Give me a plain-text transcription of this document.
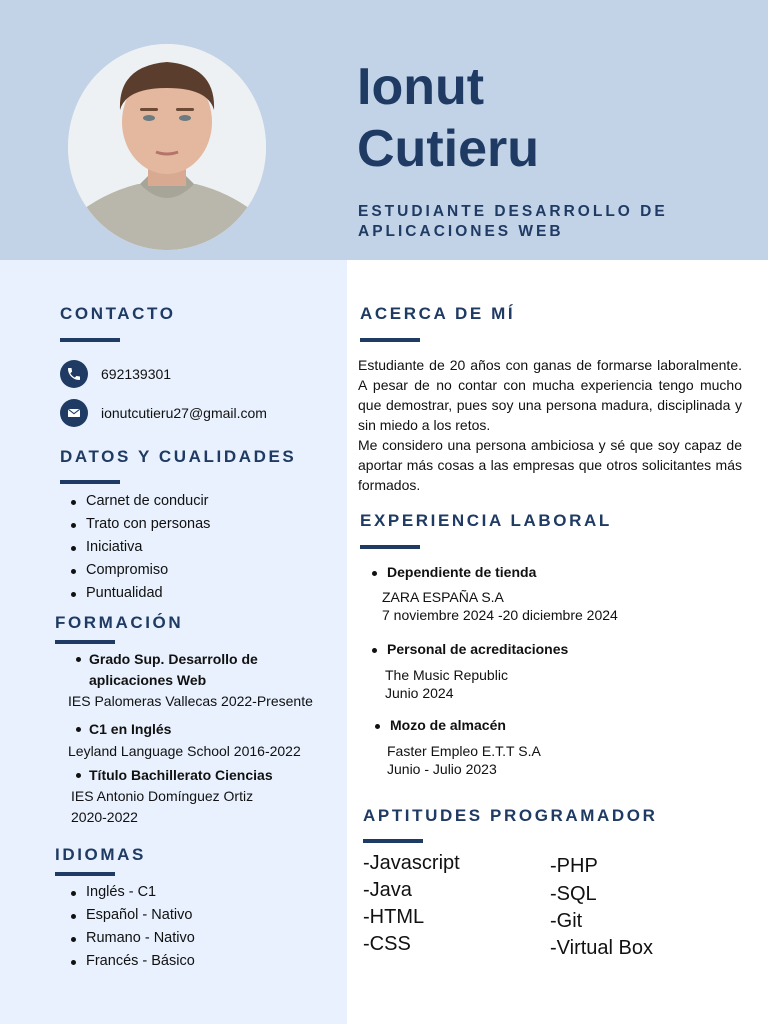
Ionut
Cutieru
ESTUDIANTE DESARROLLO DE
APLICACIONES WEB
CONTACTO
692139301
ionutcutieru27@gmail.com
DATOS Y CUALIDADES
Carnet de conducir
Trato con personas
Iniciativa
Compromiso
Puntualidad
FORMACIÓN
Grado Sup. Desarrollo de
aplicaciones Web
IES Palomeras Vallecas 2022-Presente
C1 en Inglés
Leyland Language School 2016-2022
Título Bachillerato Ciencias
IES Antonio Domínguez Ortiz
2020-2022
IDIOMAS
Inglés - C1
Español - Nativo
Rumano - Nativo
Francés - Básico
ACERCA DE MÍ
Estudiante de 20 años con ganas de formarse laboralmente. A pesar de no contar con mucha experiencia tengo mucho que demostrar, pues soy una persona madura, disciplinada y sin miedo a los retos.
Me considero una persona ambiciosa y sé que soy capaz de aportar más cosas a las empresas que otros solicitantes más formados.
EXPERIENCIA LABORAL
Dependiente de tienda
ZARA ESPAÑA S.A
7 noviembre 2024 -20 diciembre 2024
Personal de acreditaciones
The Music Republic
Junio 2024
Mozo de almacén
Faster Empleo E.T.T S.A
Junio - Julio 2023
APTITUDES PROGRAMADOR
-Javascript
-Java
-HTML
-CSS
-PHP
-SQL
-Git
-Virtual Box
